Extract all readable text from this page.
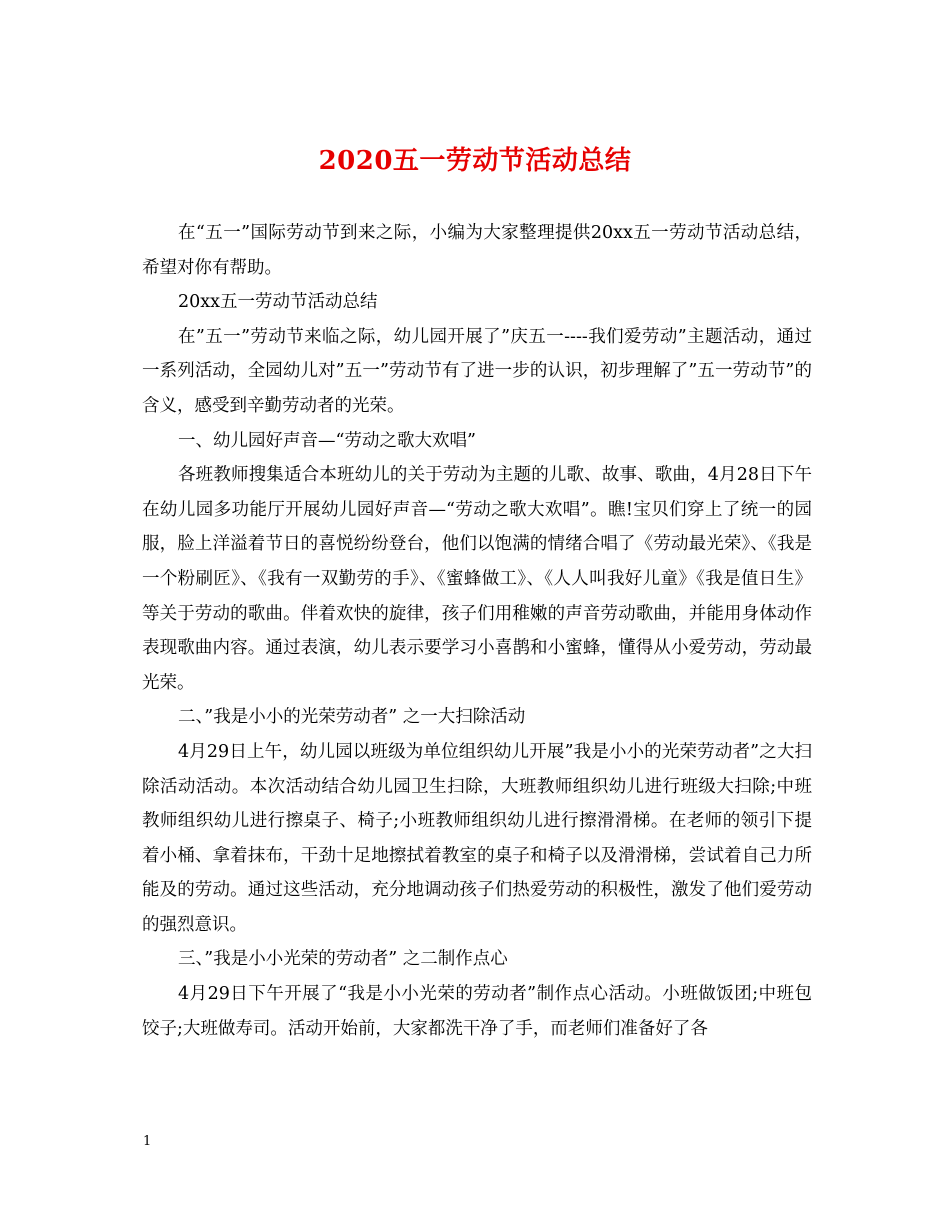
2020五一劳动节活动总结

在“五一”国际劳动节到来之际，小编为大家整理提供20xx五一劳动节活动总结，希望对你有帮助。

20xx五一劳动节活动总结

在”五一”劳动节来临之际，幼儿园开展了”庆五一----我们爱劳动”主题活动，通过一系列活动，全园幼儿对”五一”劳动节有了进一步的认识，初步理解了”五一劳动节”的含义，感受到辛勤劳动者的光荣。

一、幼儿园好声音—“劳动之歌大欢唱”

各班教师搜集适合本班幼儿的关于劳动为主题的儿歌、故事、歌曲，4月28日下午在幼儿园多功能厅开展幼儿园好声音—“劳动之歌大欢唱”。瞧!宝贝们穿上了统一的园服，脸上洋溢着节日的喜悦纷纷登台，他们以饱满的情绪合唱了《劳动最光荣》、《我是一个粉刷匠》、《我有一双勤劳的手》、《蜜蜂做工》、《人人叫我好儿童》《我是值日生》等关于劳动的歌曲。伴着欢快的旋律，孩子们用稚嫩的声音劳动歌曲，并能用身体动作表现歌曲内容。通过表演，幼儿表示要学习小喜鹊和小蜜蜂，懂得从小爱劳动，劳动最光荣。

二、”我是小小的光荣劳动者” 之一大扫除活动

4月29日上午，幼儿园以班级为单位组织幼儿开展”我是小小的光荣劳动者”之大扫除活动活动。本次活动结合幼儿园卫生扫除，大班教师组织幼儿进行班级大扫除;中班教师组织幼儿进行擦桌子、椅子;小班教师组织幼儿进行擦滑滑梯。在老师的领引下提着小桶、拿着抹布，干劲十足地擦拭着教室的桌子和椅子以及滑滑梯，尝试着自己力所能及的劳动。通过这些活动，充分地调动孩子们热爱劳动的积极性，激发了他们爱劳动的强烈意识。

三、”我是小小光荣的劳动者” 之二制作点心

4月29日下午开展了“我是小小光荣的劳动者”制作点心活动。小班做饭团;中班包饺子;大班做寿司。活动开始前，大家都洗干净了手，而老师们准备好了各

1
